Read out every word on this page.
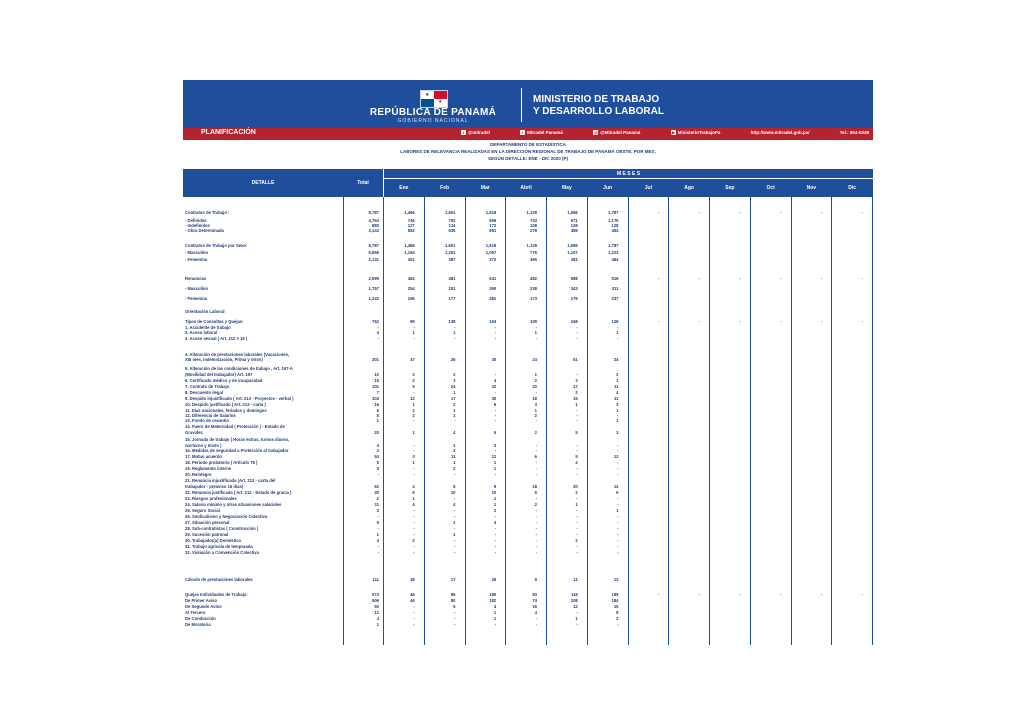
★
★
REPÚBLICA DE PANAMÁ
GOBIERNO NACIONAL
MINISTERIO DE TRABAJO
Y DESARROLLO LABORAL
PLANIFICACIÓN	t @mitradel	f Mitradel Panamá	◎ @Mitradel Panamá	▶ MinisterioTrabajoPa	http://www.mitradel.gob.pa/	Tel.: 504-0249
DEPARTAMENTO DE ESTADÍSTICA
LABORES DE RELEVANCIA REALIZADAS EN LA DIRECCIÓN REGIONAL DE TRABAJO DE PANAMÁ OESTE, POR MES,
SEGÚN DETALLE: ENE - DIC 2020 (P)
DETALLE	Total
M E S E S
Ene	Feb	Mar	Abril	May	Jun	Jul	Ago	Sep	Oct	Nov	Dic
Contratos de Trabajo :	8,787	1,466	1,601	1,618	1,129	1,086	1,787	-	-	-	-	-	-
- Definidos	4,764	746	792	666	743	671	1,175
- Indefinidos	880	127	134	172	108	128	128
- Obra Determinada	3,143	592	635	591	278	489	454
Contratos de Trabajo por Sexo:	8,787	1,466	1,601	1,618	1,129	1,086	1,787
- Masculino	6,656	1,164	1,251	1,057	776	1,107	1,223
- Femenino	2,131	301	387	372	365	381	464
Renuncias	2,999	464	481	641	482	688	516	-	-	-	-	-	-
- Masculino	1,757	254	251	360	238	343	311
- Femenino	1,242	195	177	281	173	179	237
Orientación Laboral
Tipos de Consultas y Quejas:	762	95	138	163	109	168	128	-	-	-	-	-	-
1. Accidente de trabajo	-	-	-	-	-	-	-
2. Acoso laboral	4	1	1	-	1	-	1
3. Acoso sexual ( Art. 212 # 16 )	-	-	-	-	-	-	-
4. Alteración de prestaciones laborales (Vacaciones,
XIII mes, indemnización, Prima y otros)	201	47	26	30	24	51	24
5. Alteración de las condiciones de trabajo , Art. 197-A
(Movilidad del trabajador) Art. 197	10	2	2	-	1	-	2
6. Certificado médico y de incapacidad	15	2	3	4	2	3	1
7. Contrato de Trabajo	101	9	24	22	20	17	11
8. Descuento ilegal	7	-	1	-	-	2	4
9. Despido injustificado ( Art. 213 - Proyectos - verbal )	103	12	17	30	18	15	11
10. Despido justificado ( Art. 213 - carta )	16	1	2	6	3	1	3
11. Días nacionales, feriados y domingos	5	2	1	-	1	-	1
12. Diferencia de Salarios	5	2	1	-	2	-	-
13. Fondo de cesantía	1	-	-	-	-	-	1
14. Fuero de Maternidad ( Protección ) - Estado de
Gravidez	20	1	4	5	2	5	3
15. Jornada de trabajo ( Horas extras, turnos diurno,
nocturno y mixto )	4	-	1	3	-	-	-
16. Medidas de seguridad a Protección al trabajador	2	-	2	-	-	-	-
17. Mutuo acuerdo	54	3	11	12	6	9	12
18. Periodo probatorio ( Artículo 78 )	5	1	1	1	-	2	-
19. Reglamento interno	3	-	2	1	-	-	-
20. Reintegro	-	-	-	-	-	-	-
21. Renuncia injustificada (Art. 213 - carta del
trabajador - preaviso 15 días)	62	4	5	9	18	20	14
22. Renuncia justificada ( Art. 212 - Estado de gracia )	30	6	10	10	6	2	6
23. Riesgos profesionales	2	1	-	1	-	-	-
24. Salario mínimo y otras situaciones salariales	11	4	4	1	2	1	-
25. Seguro Social	3	-	-	2	-	-	1
26. Sindicalismo y Negociación Colectiva	-	-	-	-	-	-	-
27. Situación personal	5	-	1	4	-	-	-
28. Sub-contratistas ( Construcción )	-	-	-	-	-	-	-
29. Sucesión patronal	1	-	1	-	-	-	-
30. Trabajador(a) Doméstico	4	2	-	-	-	2	-
31. Trabajo agrícola de temporada	-	-	-	-	-	-	-
32. Violación a Convención Colectiva	-	-	-	-	-	-	-
Cálculo de prestaciones laborales	111	38	17	26	9	11	12
Quejas Individuales de Trabajo:	573	46	86	180	93	119	189	-	-	-	-	-	-
De Primer Aviso	506	46	80	182	74	108	184
De Segundo Aviso	50	-	5	4	16	12	15
Al Tercero	12	-	-	1	4	-	8
De Conducción	4	-	-	1	-	1	2
De Moratoria	1	-	-	-	-	-	-
